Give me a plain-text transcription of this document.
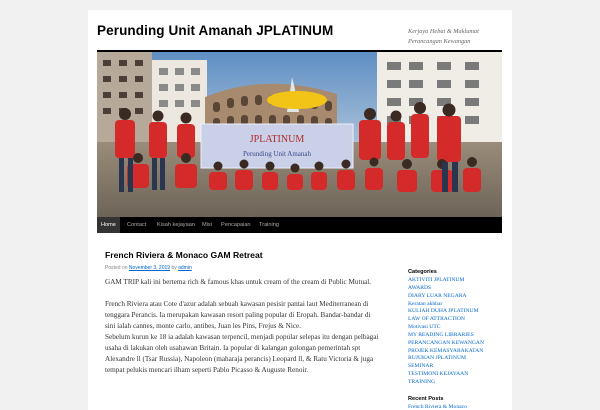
Perunding Unit Amanah JPLATINUM	Kerjaya Hebat & Maklumat Perancangan Kewangan
JPLATINUM
Perunding Unit Amanah
Home	Contact	Kisah kejayaan	Misi	Pencapaian	Training
French Riviera & Monaco GAM Retreat
Posted on November 3, 2019 by admin

GAM TRIP kali ini bertema rich & famous khas untuk cream of the cream di Public Mutual.

French Riviera atau Cote d'azur adalah sebuah kawasan pesisir pantai laut Mediterranean di tenggara Perancis. Ia merupakan kawasan resort paling popular di Eropah. Bandar-bandar di sini ialah cannes, monte carlo, antibes, Juan les Pins, Frejus & Nice.

Sebelum kurun ke 18 ia adalah kawasan terpencil, menjadi popular selepas itu dengan pelbagai usaha di lakukan oleh usahawan Britain. Ia popular di kalangan golongan pemerintah spt Alexandre ll (Tsar Russia), Napoleon (maharaja perancis) Leopard ll, & Ratu Victoria & juga tempat pelukis mencari ilham seperti Pablo Picasso & Auguste Renoir.

Categories
AKTIVITI JPLATINUM
AWARDS
DIARY LUAR NEGARA
Keratan akhbar
KULIAH DUHA JPLATINUM
LAW OF ATTRACTION
Motivasi UTC
MY READING LIBRARIES
PERANCANGAN KEWANGAN
PROJEK KEMASYARAKATAN
RUJUKAN JPLATINUM
SEMINAR
TESTIMONI KEJAYAAN
TRAINING
Recent Posts
French Riviera & Monaco
